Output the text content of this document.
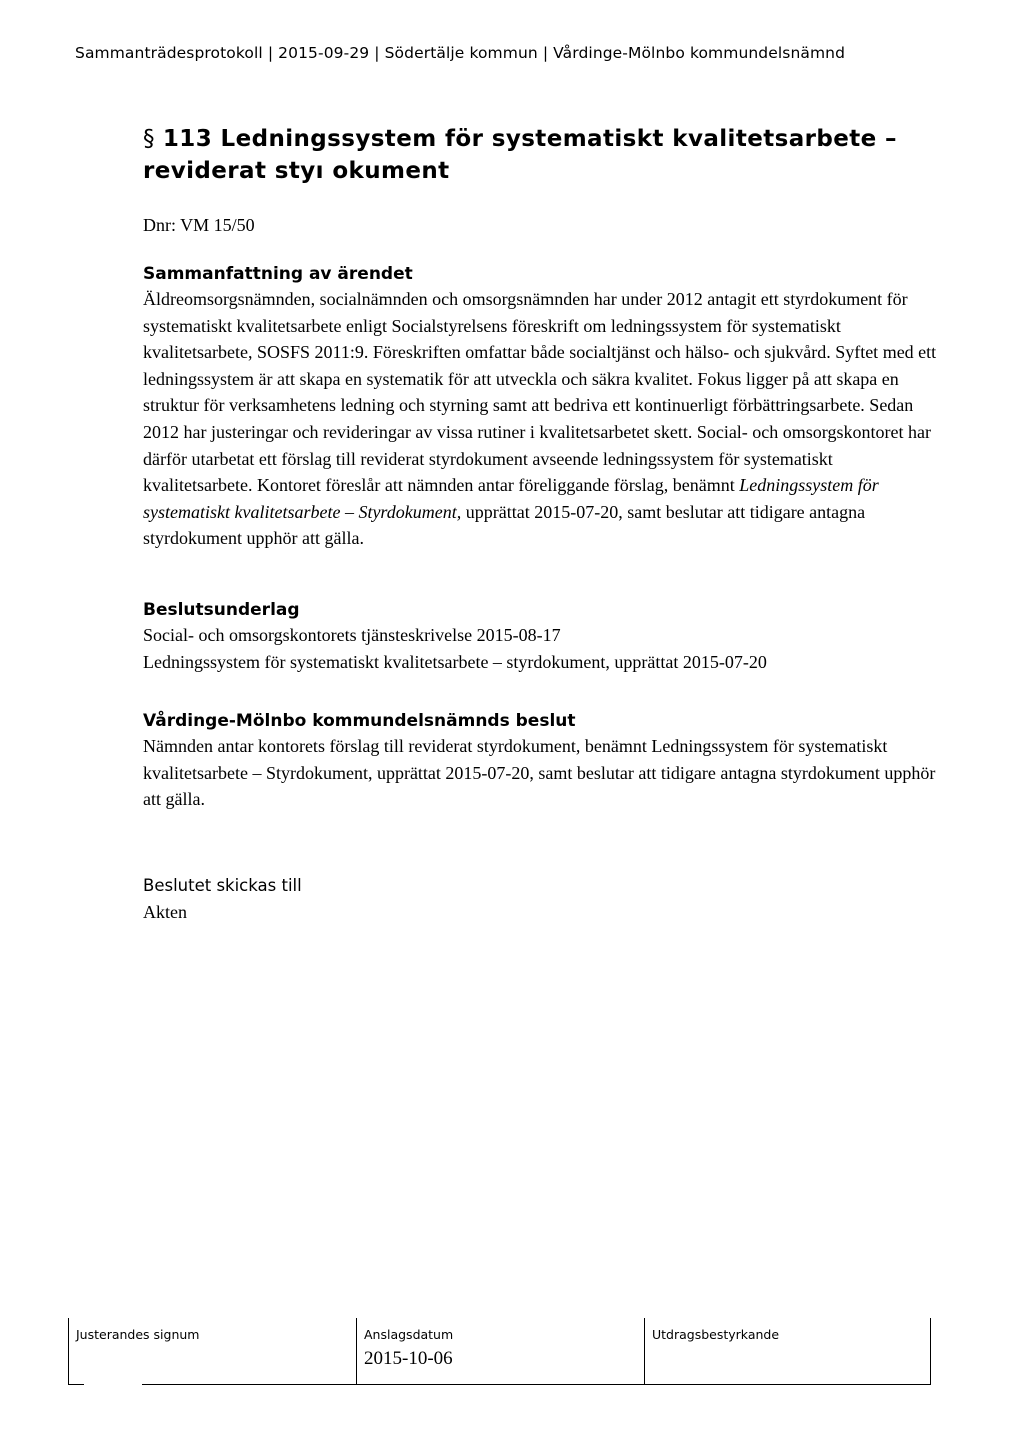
Sammanträdesprotokoll | 2015-09-29 | Södertälje kommun | Vårdinge-Mölnbo kommundelsnämnd
§ 113 Ledningssystem för systematiskt kvalitetsarbete –
reviderat styı okument
Dnr: VM 15/50
Sammanfattning av ärendet

Äldreomsorgsnämnden, socialnämnden och omsorgsnämnden har under 2012 antagit ett styrdokument för systematiskt kvalitetsarbete enligt Socialstyrelsens föreskrift om ledningssystem för systematiskt kvalitetsarbete, SOSFS 2011:9. Föreskriften omfattar både socialtjänst och hälso- och sjukvård. Syftet med ett ledningssystem är att skapa en systematik för att utveckla och säkra kvalitet. Fokus ligger på att skapa en struktur för verksamhetens ledning och styrning samt att bedriva ett kontinuerligt förbättringsarbete. Sedan 2012 har justeringar och revideringar av vissa rutiner i kvalitetsarbetet skett. Social- och omsorgskontoret har därför utarbetat ett förslag till reviderat styrdokument avseende ledningssystem för systematiskt kvalitetsarbete. Kontoret föreslår att nämnden antar föreliggande förslag, benämnt Ledningssystem för systematiskt kvalitetsarbete – Styrdokument, upprättat 2015-07-20, samt beslutar att tidigare antagna styrdokument upphör att gälla.

Beslutsunderlag

Social- och omsorgskontorets tjänsteskrivelse 2015-08-17

Ledningssystem för systematiskt kvalitetsarbete – styrdokument, upprättat 2015-07-20

Vårdinge-Mölnbo kommundelsnämnds beslut

Nämnden antar kontorets förslag till reviderat styrdokument, benämnt Ledningssystem för systematiskt kvalitetsarbete – Styrdokument, upprättat 2015-07-20, samt beslutar att tidigare antagna styrdokument upphör att gälla.

Beslutet skickas till

Akten

Justerandes signum	Anslagsdatum
2015-10-06
Utdragsbestyrkande
